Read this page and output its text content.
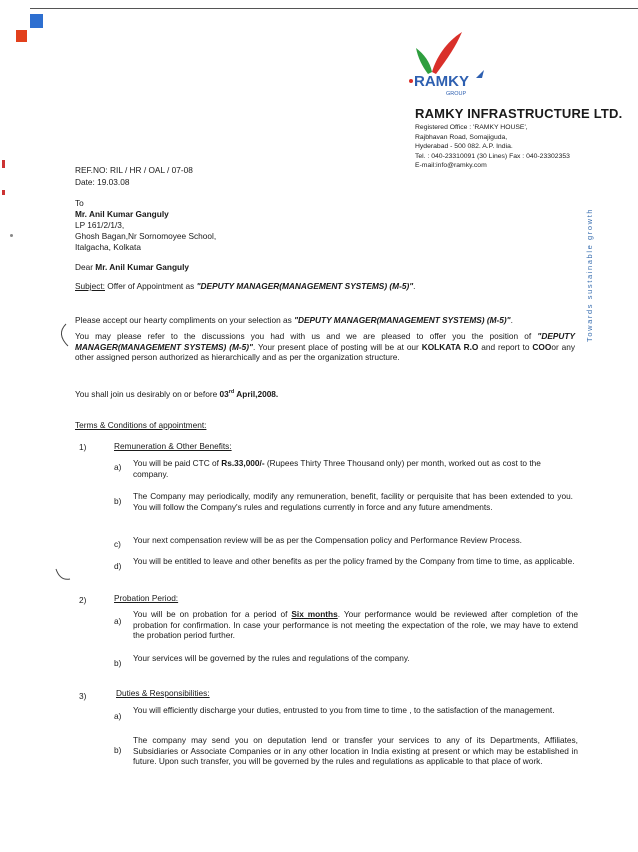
RAMKY
GROUP
RAMKY INFRASTRUCTURE LTD.
Registered Office : 'RAMKY HOUSE',
Rajbhavan Road, Somajiguda,
Hyderabad - 500 082. A.P. India.
Tel. : 040-23310091 (30 Lines) Fax : 040-23302353
E-mail:info@ramky.com
Towards sustainable growth
REF.NO: RIL / HR / OAL / 07-08
Date: 19.03.08
To
Mr. Anil Kumar Ganguly
LP 161/2/1/3,
Ghosh Bagan,Nr Sornomoyee School,
Italgacha, Kolkata
Dear Mr. Anil Kumar Ganguly
Subject: Offer of Appointment as "DEPUTY MANAGER(MANAGEMENT SYSTEMS) (M-5)".
Please accept our hearty compliments on your selection as "DEPUTY MANAGER(MANAGEMENT SYSTEMS) (M-5)".
You may please refer to the discussions you had with us and we are pleased to offer you the position of "DEPUTY MANAGER(MANAGEMENT SYSTEMS) (M-5)". Your present place of posting will be at our KOLKATA R.O and report to COOor any other assigned person authorized as hierarchically and as per the organization structure.
You shall join us desirably on or before 03rd April,2008.
Terms & Conditions of appointment:
1)	Remuneration & Other Benefits:
a) You will be paid CTC of Rs.33,000/- (Rupees Thirty Three Thousand only) per month, worked out as cost to the company.
b) The Company may periodically, modify any remuneration, benefit, facility or perquisite that has been extended to you. You will follow the Company's rules and regulations currently in force and any future amendments.
c) Your next compensation review will be as per the Compensation policy and Performance Review Process.
d) You will be entitled to leave and other benefits as per the policy framed by the Company from time to time, as applicable.
2)	Probation Period:
a)
You will be on probation for a period of Six months. Your performance would be reviewed after completion of the probation for confirmation. In case your performance is not meeting the expectation of the role, we may have to extend the probation period further.
b) Your services will be governed by the rules and regulations of the company.
3)	Duties & Responsibilities:
a)
You will efficiently discharge your duties, entrusted to you from time to time , to the satisfaction of the management.
b)
The company may send you on deputation lend or transfer your services to any of its Departments, Affiliates, Subsidiaries or Associate Companies or in any other location in India existing at present or which may be established in future. Upon such transfer, you will be governed by the rules and regulations as applicable to that place of work.
